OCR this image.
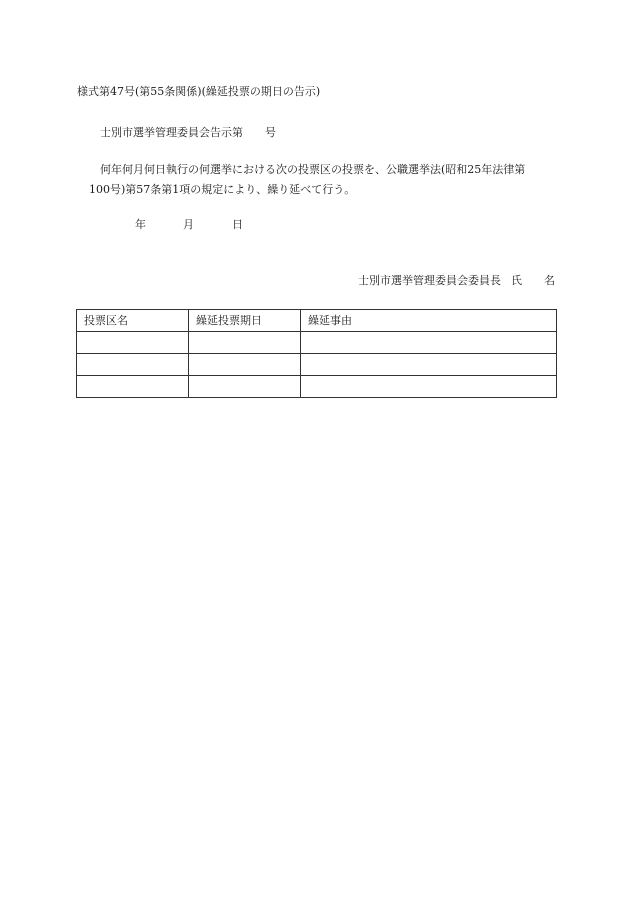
様式第47号(第55条関係)(繰延投票の期日の告示)
士別市選挙管理委員会告示第　　号
何年何月何日執行の何選挙における次の投票区の投票を、公職選挙法(昭和25年法律第
100号)第57条第1項の規定により、繰り延べて行う。
年	月	日
士別市選挙管理委員会委員長 氏 名
投票区名	繰延投票期日	繰延事由
